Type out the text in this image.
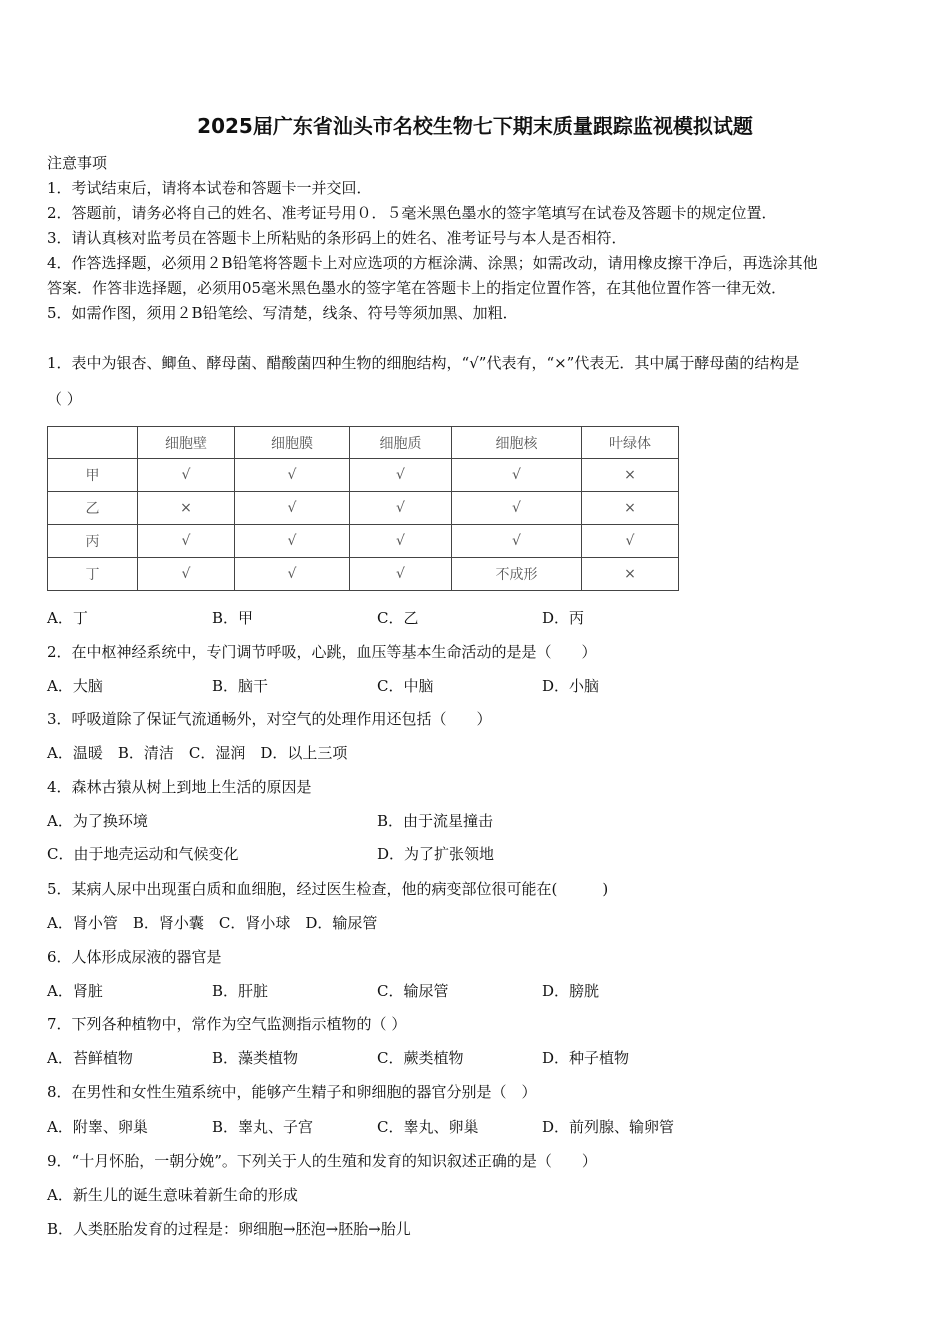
2025届广东省汕头市名校生物七下期末质量跟踪监视模拟试题
注意事项
1．考试结束后，请将本试卷和答题卡一并交回．
2．答题前，请务必将自己的姓名、准考证号用０．５毫米黑色墨水的签字笔填写在试卷及答题卡的规定位置．
3．请认真核对监考员在答题卡上所粘贴的条形码上的姓名、准考证号与本人是否相符．
4．作答选择题，必须用２B铅笔将答题卡上对应选项的方框涂满、涂黑；如需改动，请用橡皮擦干净后，再选涂其他
答案．作答非选择题，必须用05毫米黑色墨水的签字笔在答题卡上的指定位置作答，在其他位置作答一律无效．
5．如需作图，须用２B铅笔绘、写清楚，线条、符号等须加黑、加粗．
1．表中为银杏、鲫鱼、酵母菌、醋酸菌四种生物的细胞结构，“√”代表有，“×”代表无．其中属于酵母菌的结构是
（ ）
	细胞壁	细胞膜	细胞质	细胞核	叶绿体
甲	√	√	√	√	×
乙	×	√	√	√	×
丙	√	√	√	√	√
丁	√	√	√	不成形	×
A．丁	B．甲	C．乙	D．丙
2．在中枢神经系统中，专门调节呼吸，心跳，血压等基本生命活动的是是（　　）
A．大脑	B．脑干	C．中脑	D．小脑
3．呼吸道除了保证气流通畅外，对空气的处理作用还包括（　　）
A．温暖　B．清洁　C．湿润　D．以上三项
4．森林古猿从树上到地上生活的原因是
A．为了换环境	B．由于流星撞击
C．由于地壳运动和气候变化	D．为了扩张领地
5．某病人尿中出现蛋白质和血细胞，经过医生检查，他的病变部位很可能在(　　　)
A．肾小管　B．肾小囊　C．肾小球　D．输尿管
6．人体形成尿液的器官是
A．肾脏	B．肝脏	C．输尿管	D．膀胱
7．下列各种植物中，常作为空气监测指示植物的（ ）
A．苔鲜植物	B．藻类植物	C．蕨类植物	D．种子植物
8．在男性和女性生殖系统中，能够产生精子和卵细胞的器官分别是（　）
A．附睾、卵巢	B．睾丸、子宫	C．睾丸、卵巢	D．前列腺、输卵管
9．“十月怀胎，一朝分娩”。下列关于人的生殖和发育的知识叙述正确的是（　　）
A．新生儿的诞生意味着新生命的形成
B．人类胚胎发育的过程是：卵细胞→胚泡→胚胎→胎儿
